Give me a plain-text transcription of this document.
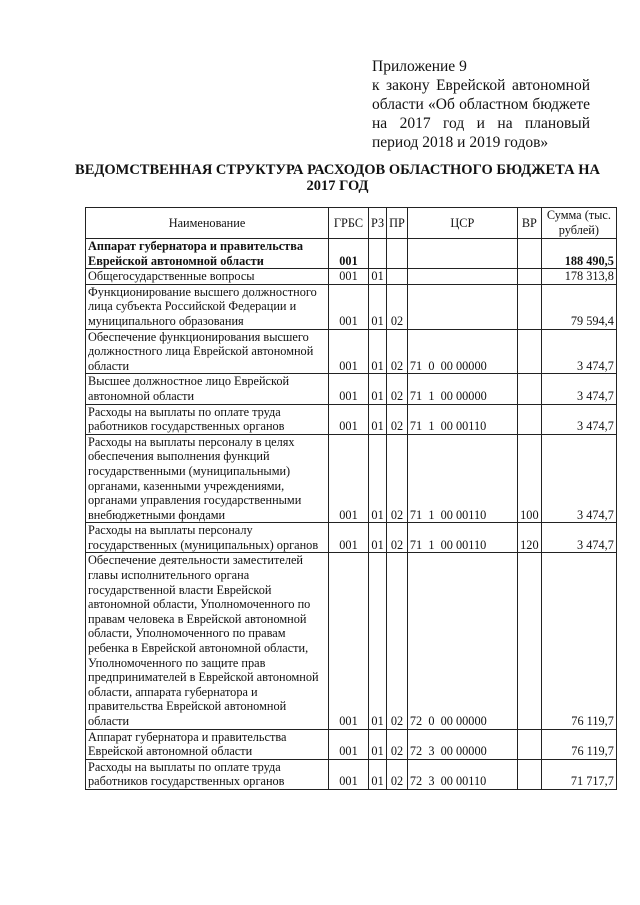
Приложение 9
к закону Еврейской автономной
области «Об областном бюджете
на 2017 год и на плановый
период 2018 и 2019 годов»
ВЕДОМСТВЕННАЯ СТРУКТУРА РАСХОДОВ ОБЛАСТНОГО БЮДЖЕТА НА
2017 ГОД
Наименование	ГРБС	РЗ	ПР	ЦСР	ВР	Сумма (тыс. рублей)
Аппарат губернатора и правительства Еврейской автономной области	001					188 490,5
Общегосударственные вопросы	001	01				178 313,8
Функционирование высшего должностного лица субъекта Российской Федерации и муниципального образования	001	01	02			79 594,4
Обеспечение функционирования высшего должностного лица Еврейской автономной области	001	01	02	71  0  00 00000		3 474,7
Высшее должностное лицо Еврейской автономной области	001	01	02	71  1  00 00000		3 474,7
Расходы на выплаты по оплате труда работников государственных органов	001	01	02	71  1  00 00110		3 474,7
Расходы на выплаты персоналу в целях обеспечения выполнения функций государственными (муниципальными) органами, казенными учреждениями, органами управления государственными внебюджетными фондами	001	01	02	71  1  00 00110	100	3 474,7
Расходы на выплаты персоналу государственных (муниципальных) органов	001	01	02	71  1  00 00110	120	3 474,7
Обеспечение деятельности заместителей главы исполнительного органа государственной власти Еврейской автономной области, Уполномоченного по правам человека в Еврейской автономной области, Уполномоченного по правам ребенка в Еврейской автономной области, Уполномоченного по защите прав предпринимателей в Еврейской автономной области, аппарата губернатора и правительства Еврейской автономной области	001	01	02	72  0  00 00000		76 119,7
Аппарат губернатора и правительства Еврейской автономной области	001	01	02	72  3  00 00000		76 119,7
Расходы на выплаты по оплате труда работников государственных органов	001	01	02	72  3  00 00110		71 717,7
